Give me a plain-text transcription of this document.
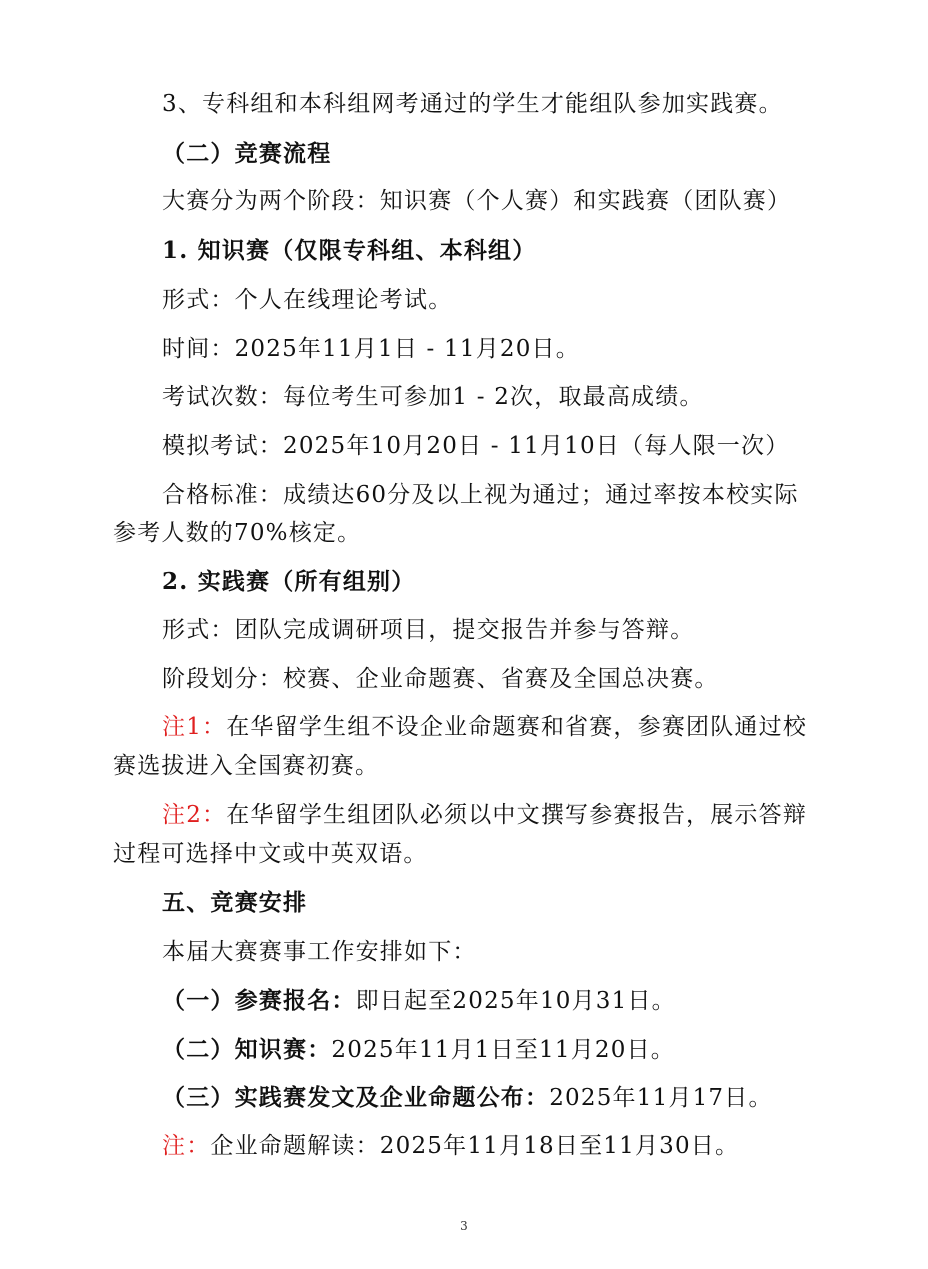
3、专科组和本科组网考通过的学生才能组队参加实践赛。
（二）竞赛流程
大赛分为两个阶段：知识赛（个人赛）和实践赛（团队赛）
1. 知识赛（仅限专科组、本科组）
形式：个人在线理论考试。
时间：2025年11月1日 - 11月20日。
考试次数：每位考生可参加1 - 2次，取最高成绩。
模拟考试：2025年10月20日 - 11月10日（每人限一次）
合格标准：成绩达60分及以上视为通过；通过率按本校实际
参考人数的70%核定。
2. 实践赛（所有组别）
形式：团队完成调研项目，提交报告并参与答辩。
阶段划分：校赛、企业命题赛、省赛及全国总决赛。
注1：在华留学生组不设企业命题赛和省赛，参赛团队通过校
赛选拔进入全国赛初赛。
注2：在华留学生组团队必须以中文撰写参赛报告，展示答辩
过程可选择中文或中英双语。
五、竞赛安排
本届大赛赛事工作安排如下：
（一）参赛报名：即日起至2025年10月31日。
（二）知识赛：2025年11月1日至11月20日。
（三）实践赛发文及企业命题公布：2025年11月17日。
注：企业命题解读：2025年11月18日至11月30日。
3
